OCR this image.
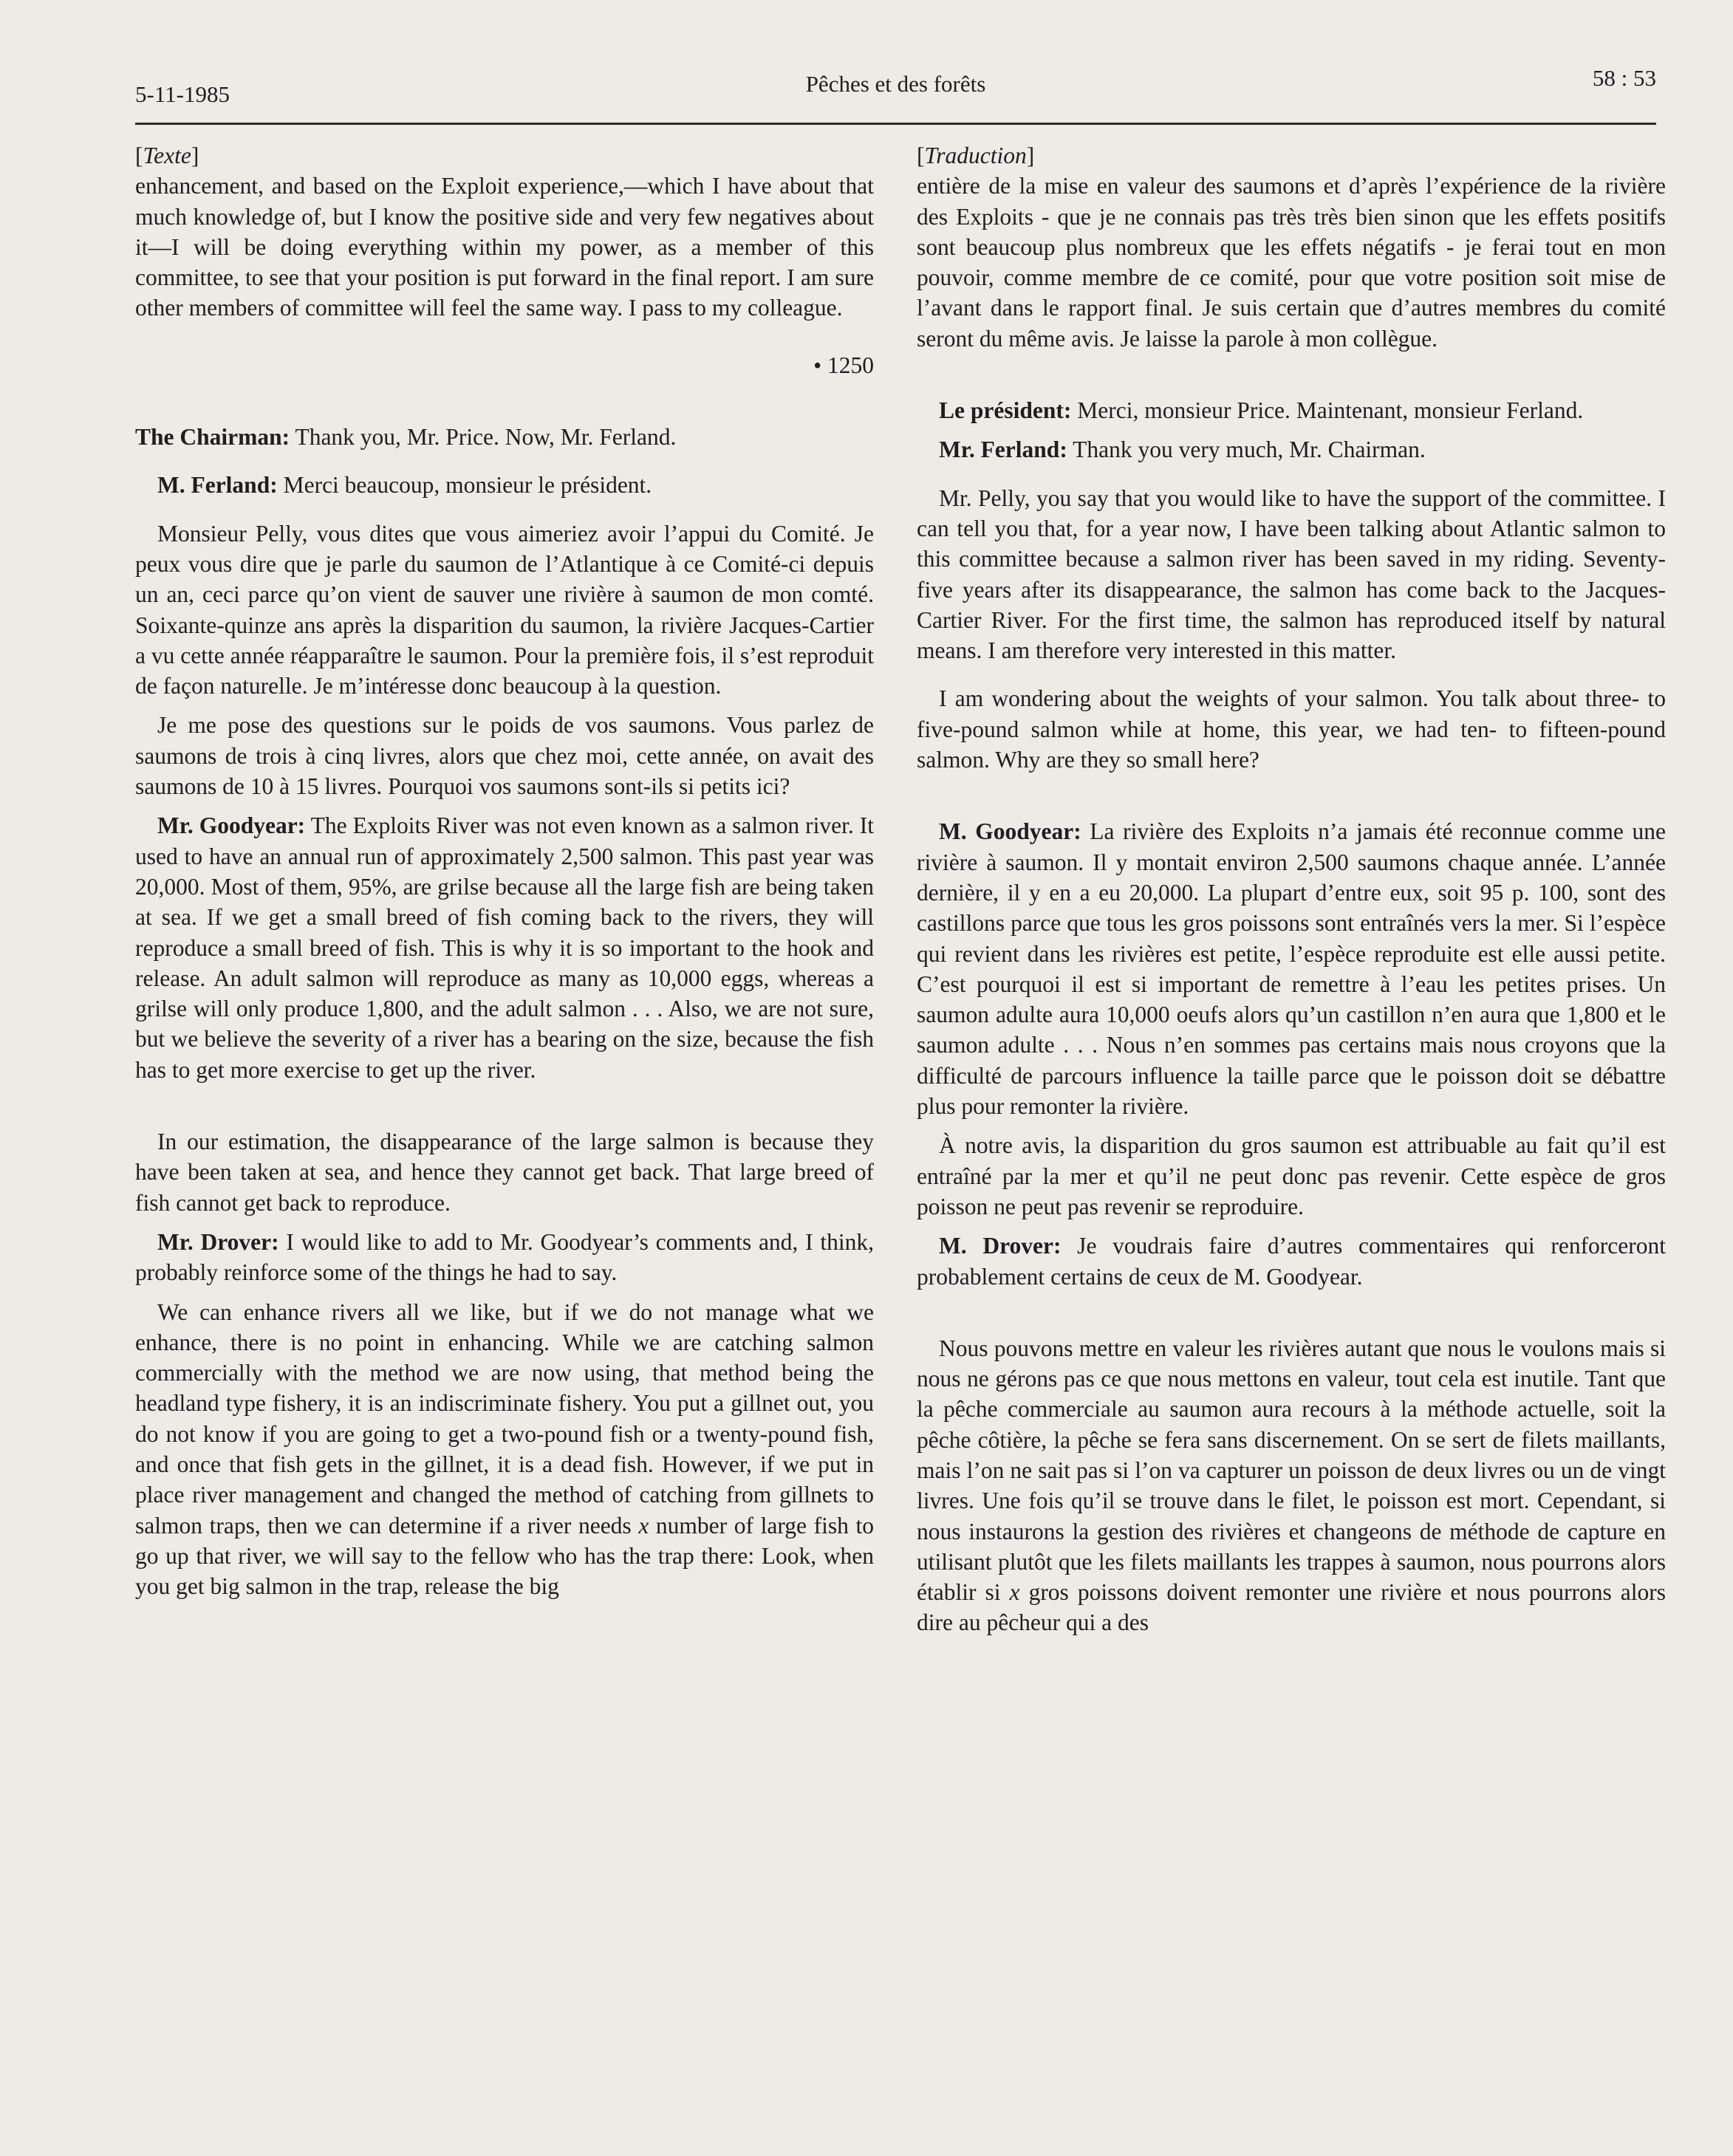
5-11-1985	Pêches et des forêts	58 : 53
[Texte]

enhancement, and based on the Exploit experience,—which I have about that much knowledge of, but I know the positive side and very few negatives about it—I will be doing everything within my power, as a member of this committee, to see that your position is put forward in the final report. I am sure other members of committee will feel the same way. I pass to my colleague.

• 1250

The Chairman: Thank you, Mr. Price. Now, Mr. Ferland.

M. Ferland: Merci beaucoup, monsieur le président.

Monsieur Pelly, vous dites que vous aimeriez avoir l’appui du Comité. Je peux vous dire que je parle du saumon de l’Atlantique à ce Comité-ci depuis un an, ceci parce qu’on vient de sauver une rivière à saumon de mon comté. Soixante-quinze ans après la disparition du saumon, la rivière Jacques-Cartier a vu cette année réapparaître le saumon. Pour la première fois, il s’est reproduit de façon naturelle. Je m’intéresse donc beaucoup à la question.

Je me pose des questions sur le poids de vos saumons. Vous parlez de saumons de trois à cinq livres, alors que chez moi, cette année, on avait des saumons de 10 à 15 livres. Pourquoi vos saumons sont-ils si petits ici?

Mr. Goodyear: The Exploits River was not even known as a salmon river. It used to have an annual run of approximately 2,500 salmon. This past year was 20,000. Most of them, 95%, are grilse because all the large fish are being taken at sea. If we get a small breed of fish coming back to the rivers, they will reproduce a small breed of fish. This is why it is so important to the hook and release. An adult salmon will reproduce as many as 10,000 eggs, whereas a grilse will only produce 1,800, and the adult salmon . . . Also, we are not sure, but we believe the severity of a river has a bearing on the size, because the fish has to get more exercise to get up the river.

In our estimation, the disappearance of the large salmon is because they have been taken at sea, and hence they cannot get back. That large breed of fish cannot get back to reproduce.

Mr. Drover: I would like to add to Mr. Goodyear’s comments and, I think, probably reinforce some of the things he had to say.

We can enhance rivers all we like, but if we do not manage what we enhance, there is no point in enhancing. While we are catching salmon commercially with the method we are now using, that method being the headland type fishery, it is an indiscriminate fishery. You put a gillnet out, you do not know if you are going to get a two-pound fish or a twenty-pound fish, and once that fish gets in the gillnet, it is a dead fish. However, if we put in place river management and changed the method of catching from gillnets to salmon traps, then we can determine if a river needs x number of large fish to go up that river, we will say to the fellow who has the trap there: Look, when you get big salmon in the trap, release the big

[Traduction]

entière de la mise en valeur des saumons et d’après l’expérience de la rivière des Exploits - que je ne connais pas très très bien sinon que les effets positifs sont beaucoup plus nombreux que les effets négatifs - je ferai tout en mon pouvoir, comme membre de ce comité, pour que votre position soit mise de l’avant dans le rapport final. Je suis certain que d’autres membres du comité seront du même avis. Je laisse la parole à mon collègue.

Le président: Merci, monsieur Price. Maintenant, monsieur Ferland.

Mr. Ferland: Thank you very much, Mr. Chairman.

Mr. Pelly, you say that you would like to have the support of the committee. I can tell you that, for a year now, I have been talking about Atlantic salmon to this committee because a salmon river has been saved in my riding. Seventy-five years after its disappearance, the salmon has come back to the Jacques-Cartier River. For the first time, the salmon has reproduced itself by natural means. I am therefore very interested in this matter.

I am wondering about the weights of your salmon. You talk about three- to five-pound salmon while at home, this year, we had ten- to fifteen-pound salmon. Why are they so small here?

M. Goodyear: La rivière des Exploits n’a jamais été reconnue comme une rivière à saumon. Il y montait environ 2,500 saumons chaque année. L’année dernière, il y en a eu 20,000. La plupart d’entre eux, soit 95 p. 100, sont des castillons parce que tous les gros poissons sont entraînés vers la mer. Si l’espèce qui revient dans les rivières est petite, l’espèce reproduite est elle aussi petite. C’est pourquoi il est si important de remettre à l’eau les petites prises. Un saumon adulte aura 10,000 oeufs alors qu’un castillon n’en aura que 1,800 et le saumon adulte . . . Nous n’en sommes pas certains mais nous croyons que la difficulté de parcours influence la taille parce que le poisson doit se débattre plus pour remonter la rivière.

À notre avis, la disparition du gros saumon est attribuable au fait qu’il est entraîné par la mer et qu’il ne peut donc pas revenir. Cette espèce de gros poisson ne peut pas revenir se reproduire.

M. Drover: Je voudrais faire d’autres commentaires qui renforceront probablement certains de ceux de M. Goodyear.

Nous pouvons mettre en valeur les rivières autant que nous le voulons mais si nous ne gérons pas ce que nous mettons en valeur, tout cela est inutile. Tant que la pêche commerciale au saumon aura recours à la méthode actuelle, soit la pêche côtière, la pêche se fera sans discernement. On se sert de filets maillants, mais l’on ne sait pas si l’on va capturer un poisson de deux livres ou un de vingt livres. Une fois qu’il se trouve dans le filet, le poisson est mort. Cependant, si nous instaurons la gestion des rivières et changeons de méthode de capture en utilisant plutôt que les filets maillants les trappes à saumon, nous pourrons alors établir si x gros poissons doivent remonter une rivière et nous pourrons alors dire au pêcheur qui a des
